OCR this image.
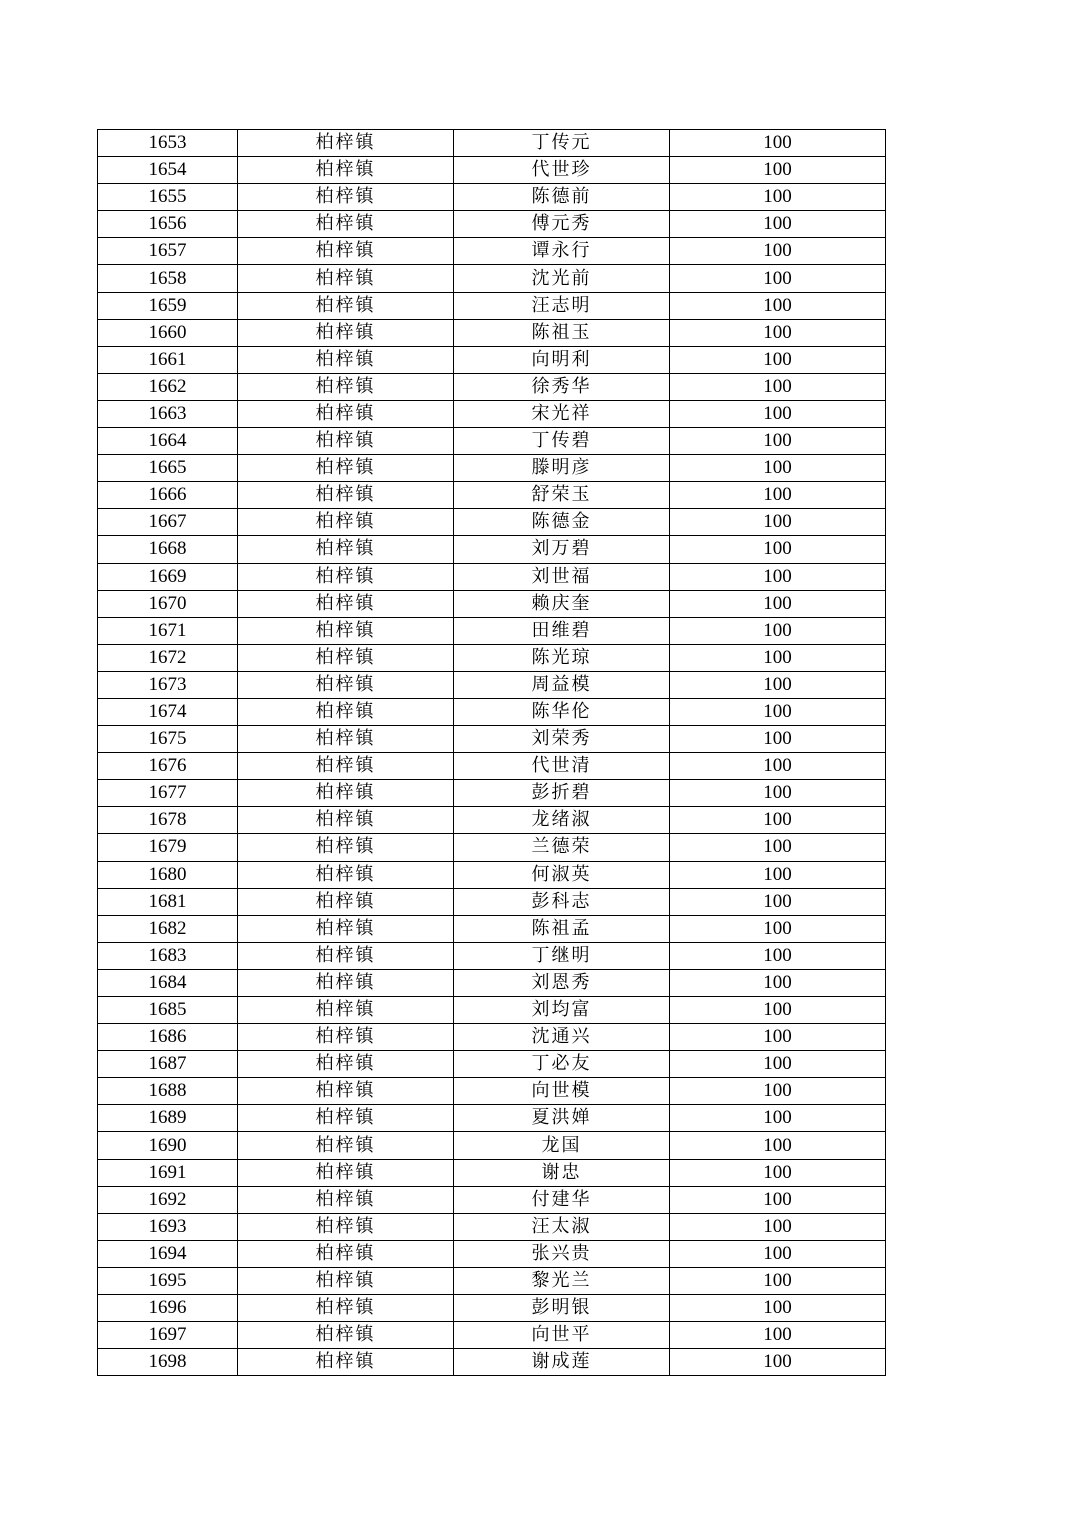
1653	柏梓镇	丁传元	100
1654	柏梓镇	代世珍	100
1655	柏梓镇	陈德前	100
1656	柏梓镇	傅元秀	100
1657	柏梓镇	谭永行	100
1658	柏梓镇	沈光前	100
1659	柏梓镇	汪志明	100
1660	柏梓镇	陈祖玉	100
1661	柏梓镇	向明利	100
1662	柏梓镇	徐秀华	100
1663	柏梓镇	宋光祥	100
1664	柏梓镇	丁传碧	100
1665	柏梓镇	滕明彦	100
1666	柏梓镇	舒荣玉	100
1667	柏梓镇	陈德金	100
1668	柏梓镇	刘万碧	100
1669	柏梓镇	刘世福	100
1670	柏梓镇	赖庆奎	100
1671	柏梓镇	田维碧	100
1672	柏梓镇	陈光琼	100
1673	柏梓镇	周益模	100
1674	柏梓镇	陈华伦	100
1675	柏梓镇	刘荣秀	100
1676	柏梓镇	代世清	100
1677	柏梓镇	彭折碧	100
1678	柏梓镇	龙绪淑	100
1679	柏梓镇	兰德荣	100
1680	柏梓镇	何淑英	100
1681	柏梓镇	彭科志	100
1682	柏梓镇	陈祖孟	100
1683	柏梓镇	丁继明	100
1684	柏梓镇	刘恩秀	100
1685	柏梓镇	刘均富	100
1686	柏梓镇	沈通兴	100
1687	柏梓镇	丁必友	100
1688	柏梓镇	向世模	100
1689	柏梓镇	夏洪婵	100
1690	柏梓镇	龙国	100
1691	柏梓镇	谢忠	100
1692	柏梓镇	付建华	100
1693	柏梓镇	汪太淑	100
1694	柏梓镇	张兴贵	100
1695	柏梓镇	黎光兰	100
1696	柏梓镇	彭明银	100
1697	柏梓镇	向世平	100
1698	柏梓镇	谢成莲	100
